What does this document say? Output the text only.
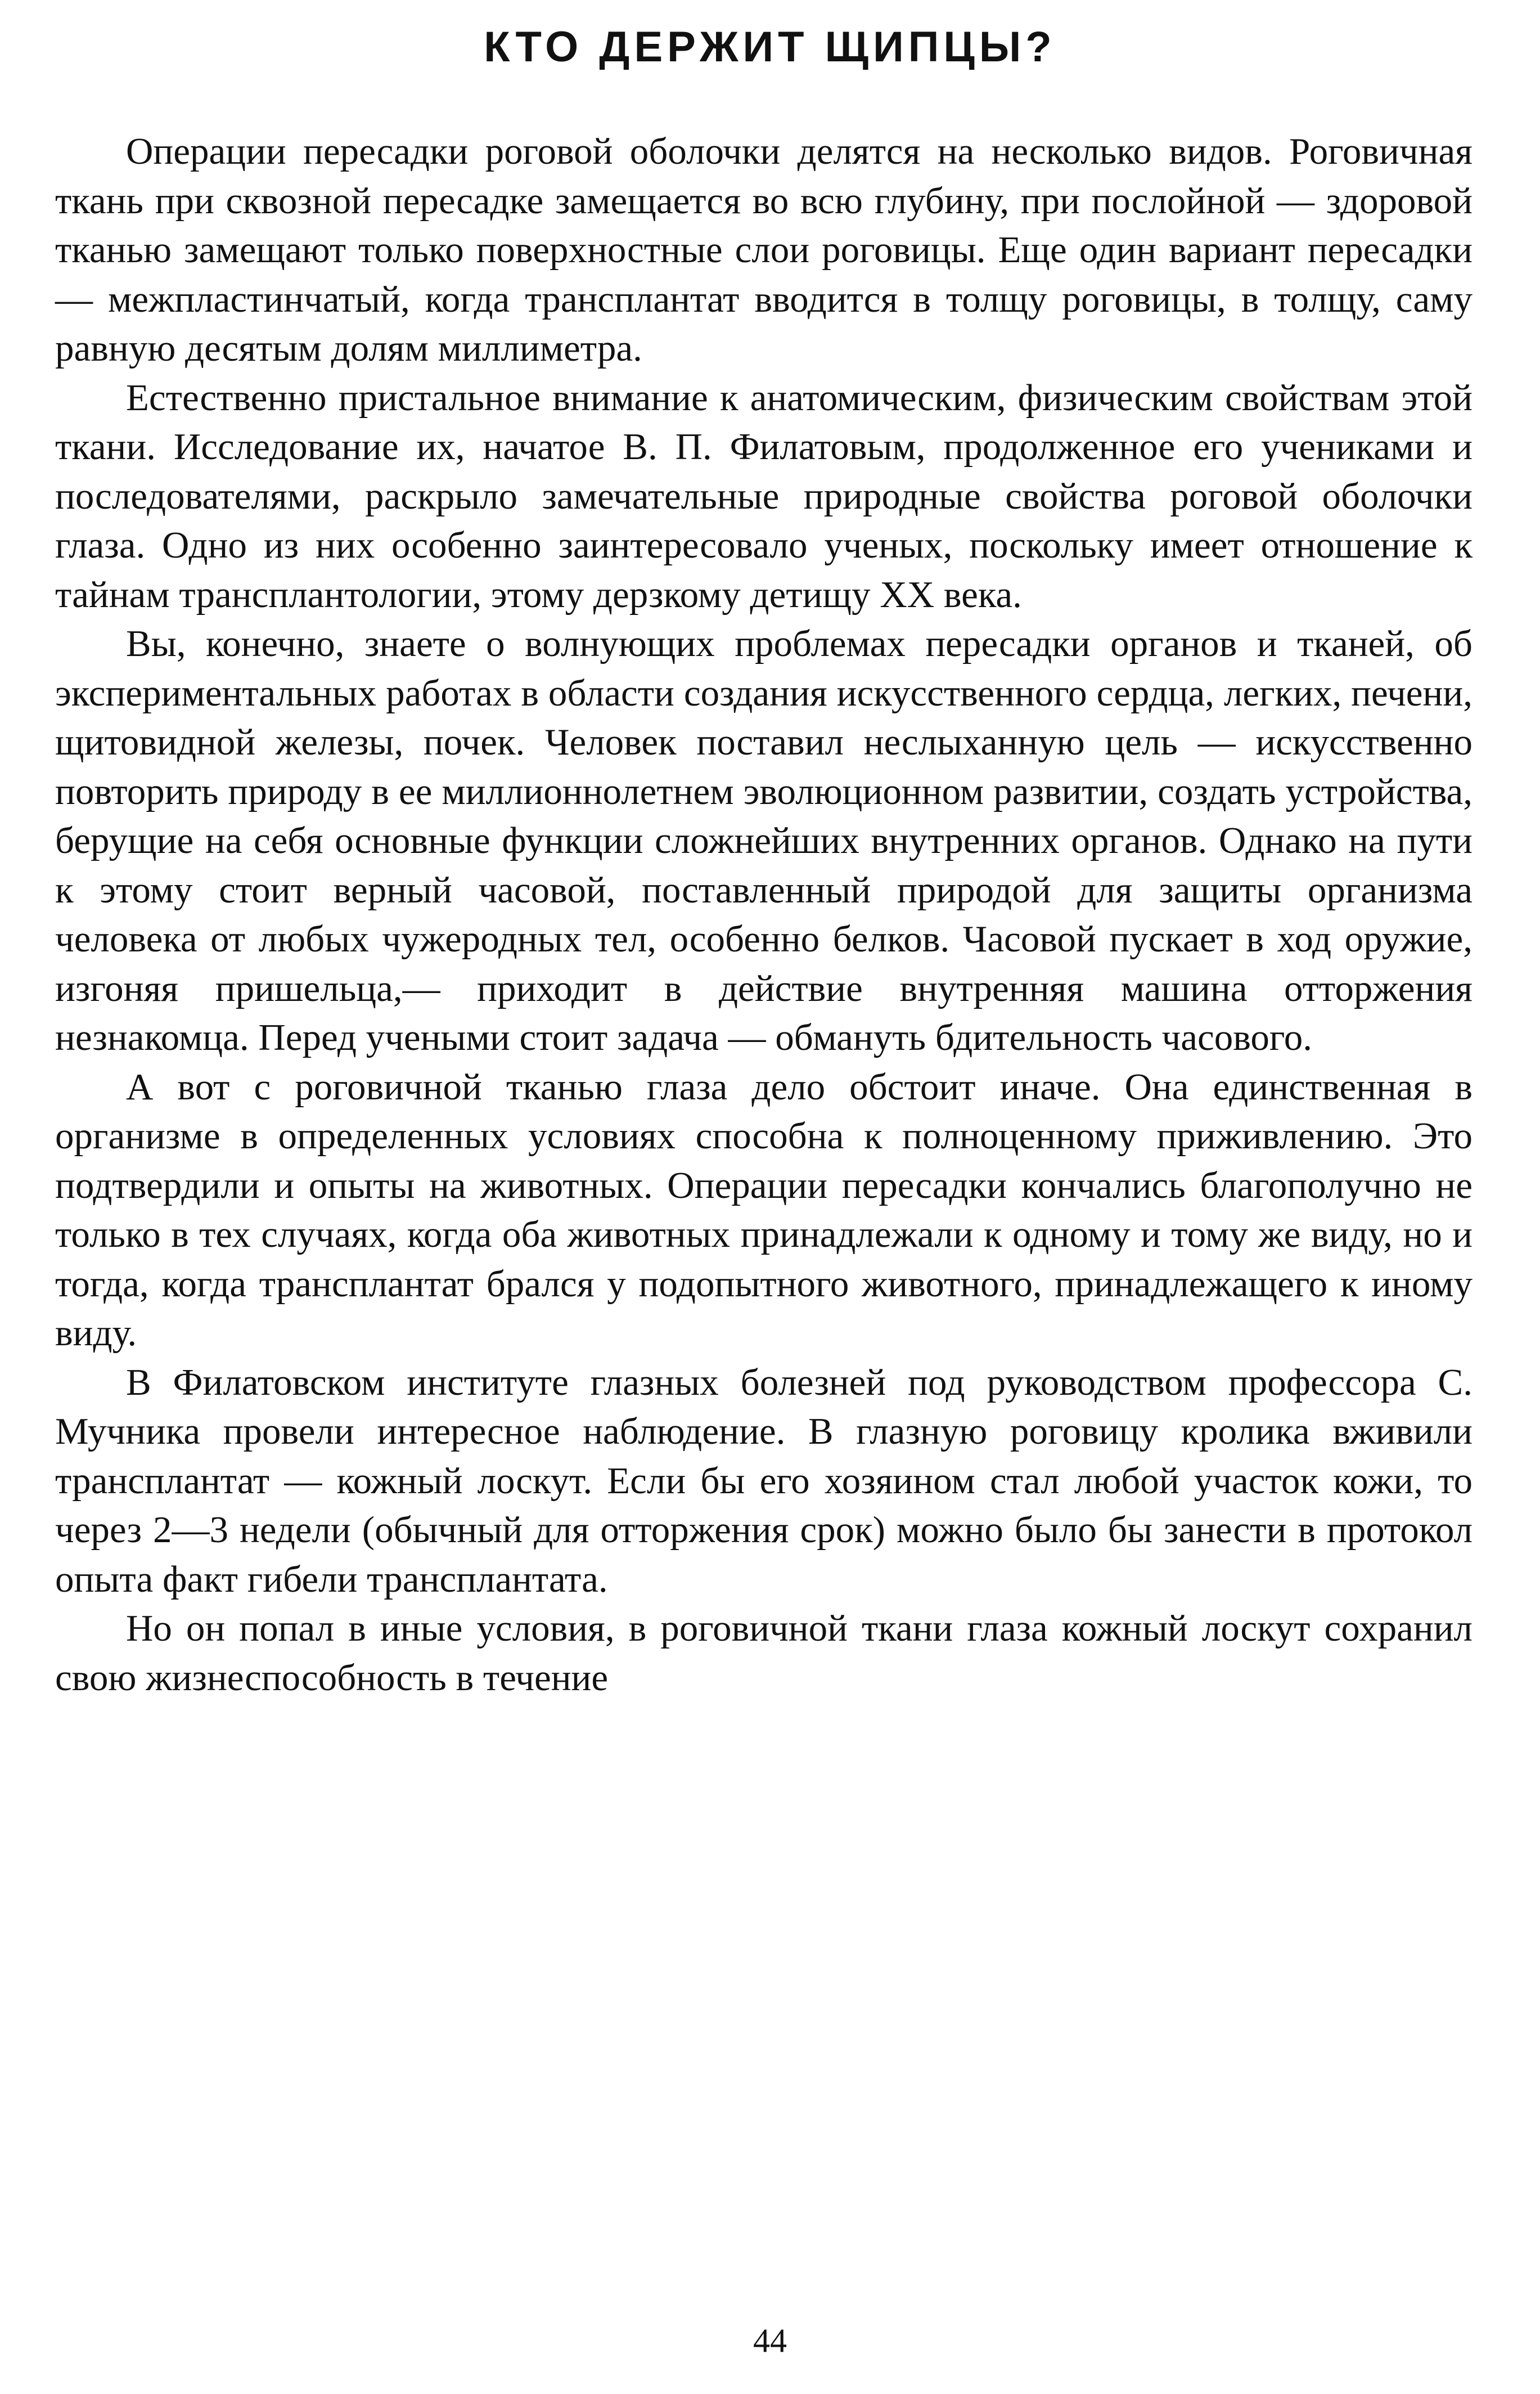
КТО ДЕРЖИТ ЩИПЦЫ?

Операции пересадки роговой оболочки делятся на несколько видов. Роговичная ткань при сквозной пересадке замещается во всю глубину, при послойной — здоровой тканью замещают только поверхностные слои роговицы. Еще один вариант пересадки — межпластинчатый, когда трансплантат вводится в толщу роговицы, в толщу, саму равную десятым долям миллиметра.

Естественно пристальное внимание к анатомическим, физическим свойствам этой ткани. Исследование их, начатое В. П. Филатовым, продолженное его учениками и последователями, раскрыло замечательные природные свойства роговой оболочки глаза. Одно из них особенно заинтересовало ученых, поскольку имеет отношение к тайнам трансплантологии, этому дерзкому детищу XX века.

Вы, конечно, знаете о волнующих проблемах пересадки органов и тканей, об экспериментальных работах в области создания искусственного сердца, легких, печени, щитовидной железы, почек. Человек поставил неслыханную цель — искусственно повторить природу в ее миллионнолетнем эволюционном развитии, создать устройства, берущие на себя основные функции сложнейших внутренних органов. Однако на пути к этому стоит верный часовой, поставленный природой для защиты организма человека от любых чужеродных тел, особенно белков. Часовой пускает в ход оружие, изгоняя пришельца,— приходит в действие внутренняя машина отторжения незнакомца. Перед учеными стоит задача — обмануть бдительность часового.

А вот с роговичной тканью глаза дело обстоит иначе. Она единственная в организме в определенных условиях способна к полноценному приживлению. Это подтвердили и опыты на животных. Операции пересадки кончались благополучно не только в тех случаях, когда оба животных принадлежали к одному и тому же виду, но и тогда, когда трансплантат брался у подопытного животного, принадлежащего к иному виду.

В Филатовском институте глазных болезней под руководством профессора С. Мучника провели интересное наблюдение. В глазную роговицу кролика вживили трансплантат — кожный лоскут. Если бы его хозяином стал любой участок кожи, то через 2—3 недели (обычный для отторжения срок) можно было бы занести в протокол опыта факт гибели трансплантата.

Но он попал в иные условия, в роговичной ткани глаза кожный лоскут сохранил свою жизнеспособность в течение

44
